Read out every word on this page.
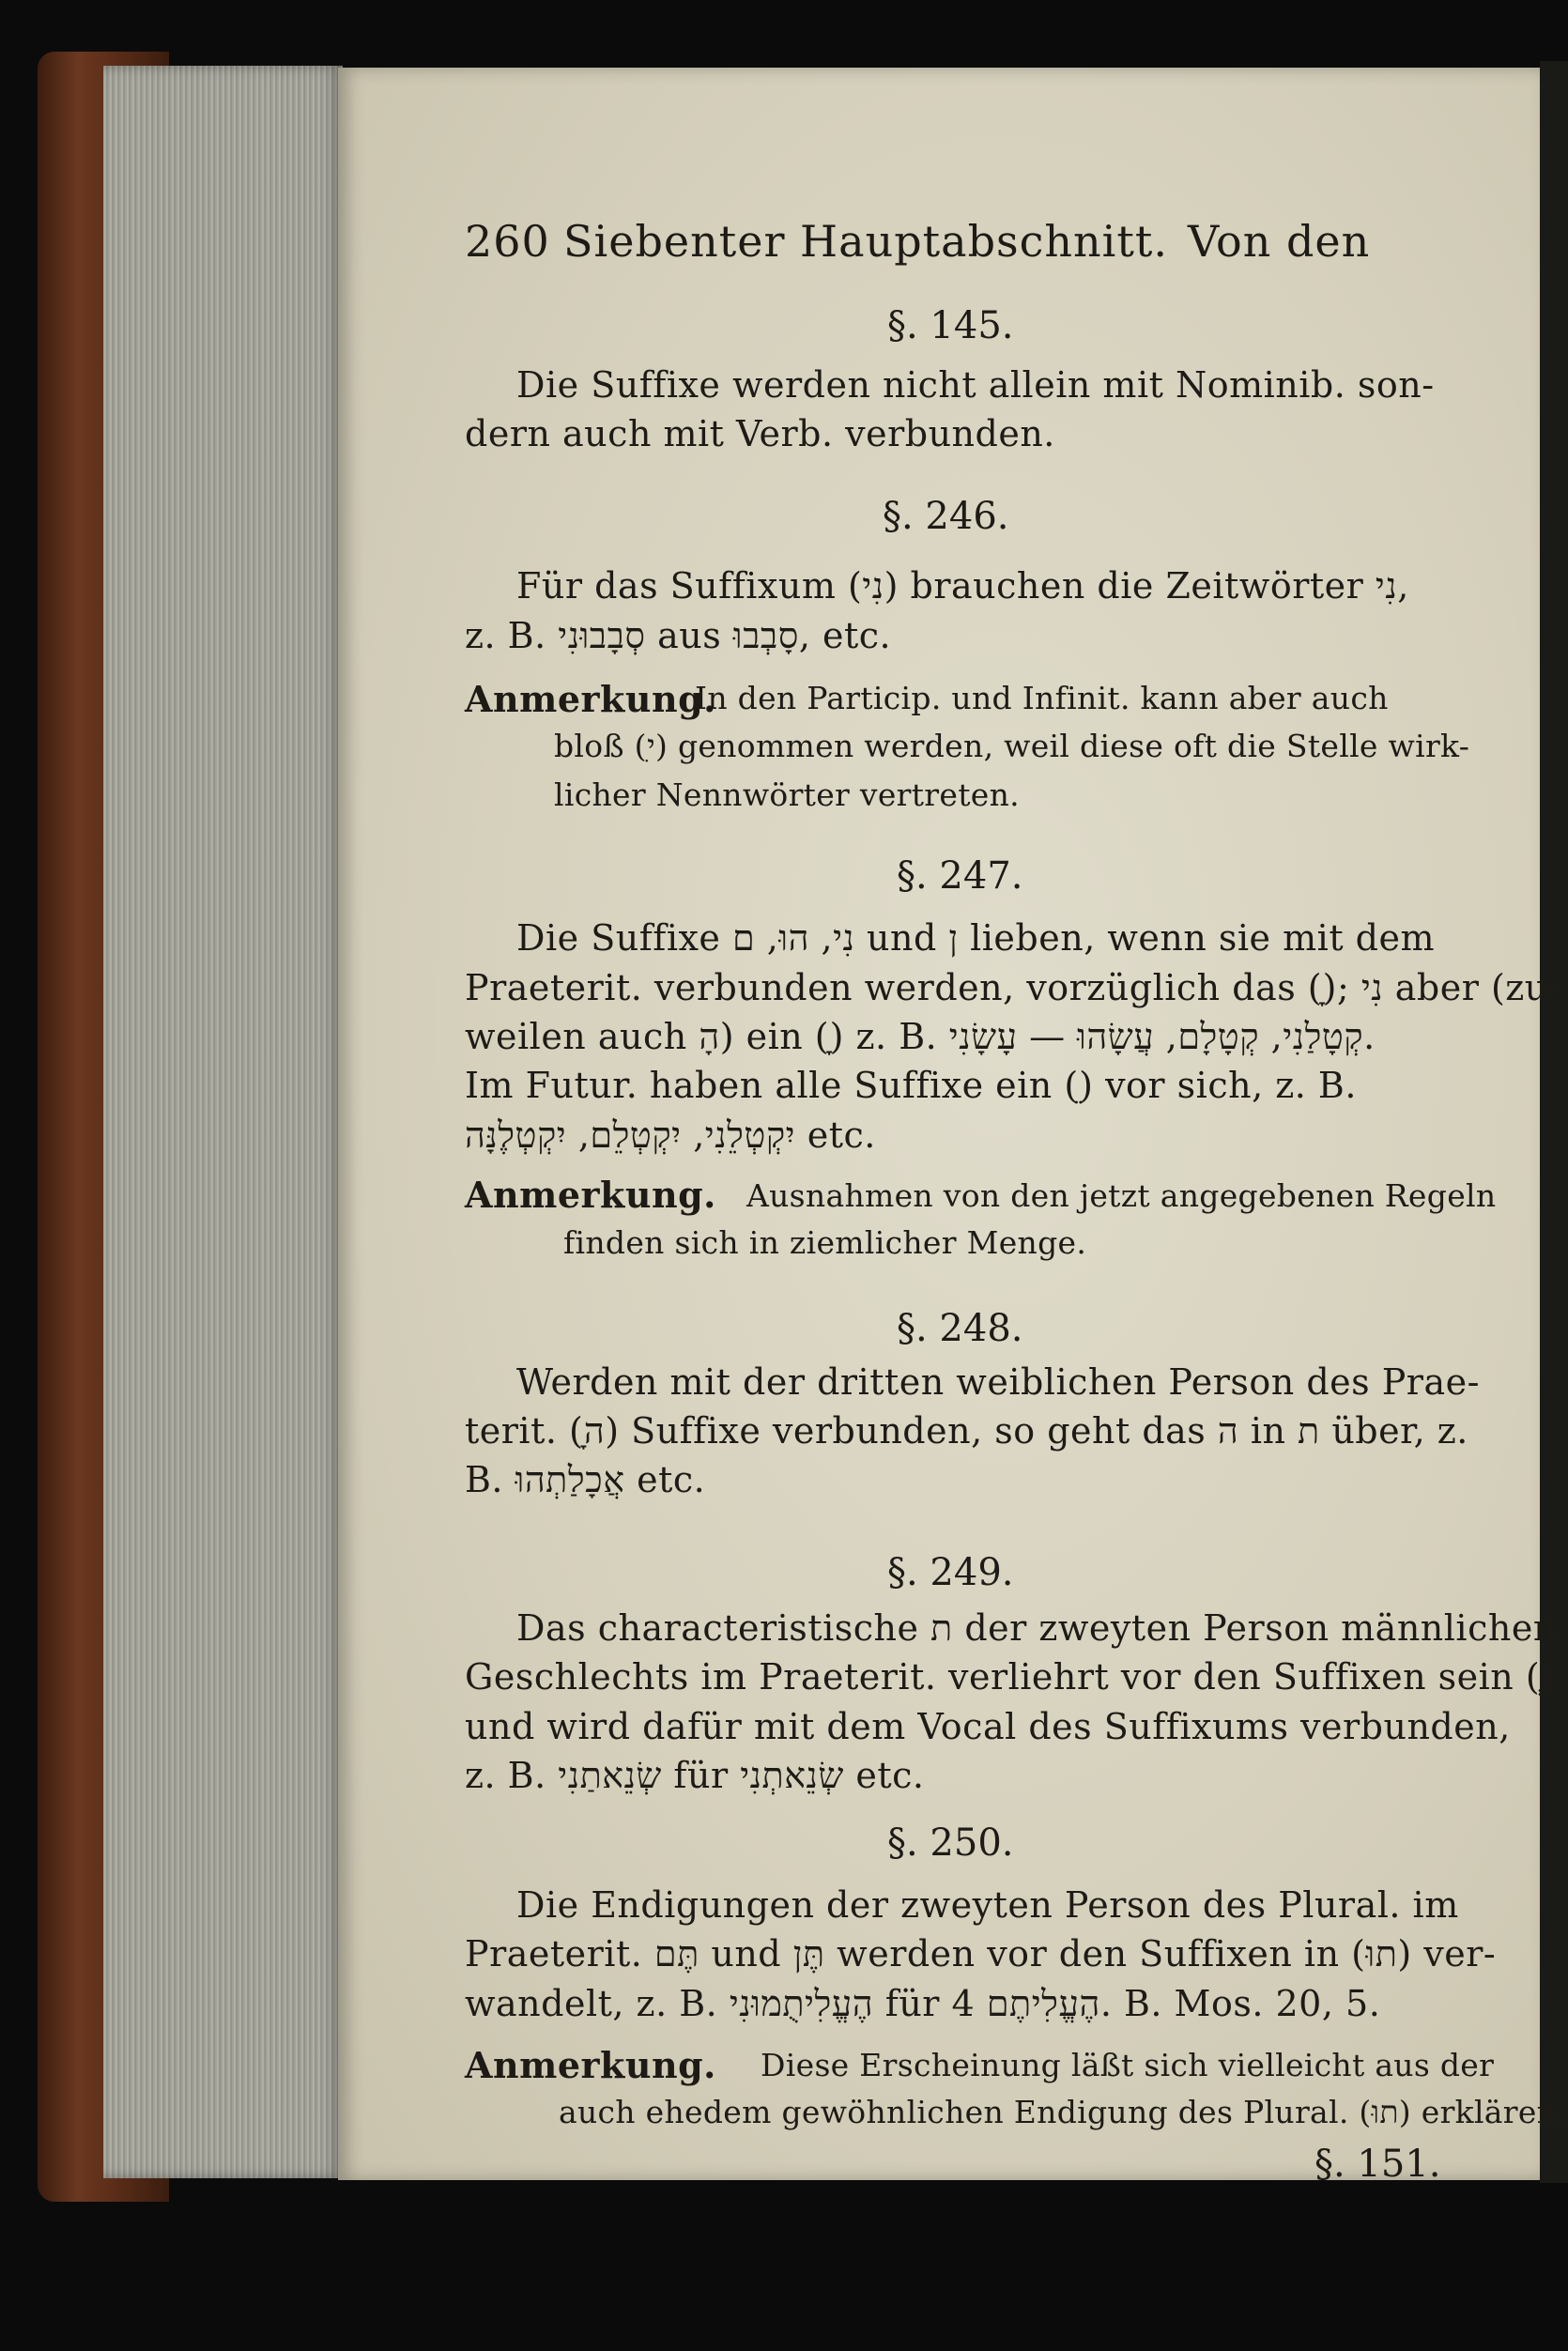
260 Siebenter Hauptabschnitt. Von den
§. 145.
Die Suffixe werden nicht allein mit Nominib. son-
dern auch mit Verb. verbunden.
§. 246.
Für das Suffixum (נִי) brauchen die Zeitwörter נִי,
z. B. סְבָבוּנִי aus סָבְבוּ, etc.
Anmerkung.
In den Particip. und Infinit. kann aber auch
bloß (ִי) genommen werden, weil diese oft die Stelle wirk-
licher Nennwörter vertreten.
§. 247.
Die Suffixe נִי, הוּ, ם und ן lieben, wenn sie mit dem
Praeterit. verbunden werden, vorzüglich das (ָ); נִי aber (zu-
weilen auch הָ) ein (ָ) z. B. קְטָלַנִי, קְטָלָם, עֲשָׂהוּ — עָשָׂנִי.
Im Futur. haben alle Suffixe ein (ֵ) vor sich, z. B.
יִקְטְלֵנִי, יִקְטְלֵם, יִקְטְלֶנָּה etc.
Anmerkung. Ausnahmen von den jetzt angegebenen Regeln
finden sich in ziemlicher Menge.
§. 248.
Werden mit der dritten weiblichen Person des Prae-
terit. (ָה) Suffixe verbunden, so geht das ה in ת über, z.
B. אֲכָלַתְהוּ etc.
§. 249.
Das characteristische ת der zweyten Person männlichen
Geschlechts im Praeterit. verliehrt vor den Suffixen sein (ְ)
und wird dafür mit dem Vocal des Suffixums verbunden,
z. B. שְׂנֵאתַנִי für שְׂנֵאתְנִי etc.
§. 250.
Die Endigungen der zweyten Person des Plural. im
Praeterit. תֶּם und תֶּן werden vor den Suffixen in (תוּ) ver-
wandelt, z. B. הֶעֱלִיתֻמוּנִי für הֶעֱלִיתֶם 4. B. Mos. 20, 5.
Anmerkung. Diese Erscheinung läßt sich vielleicht aus der
auch ehedem gewöhnlichen Endigung des Plural. (תוּ) erklären.
§. 151.
